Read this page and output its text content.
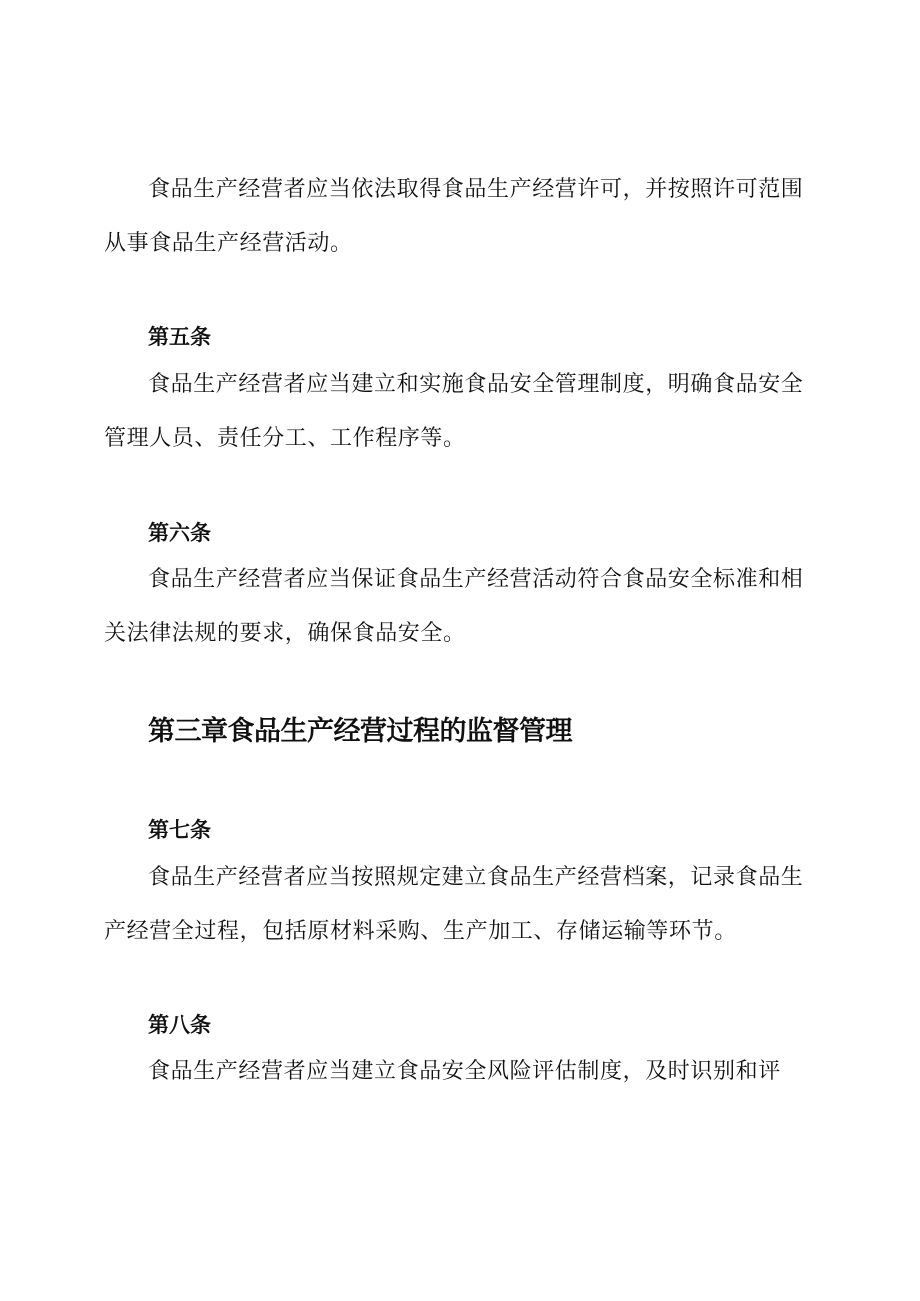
食品生产经营者应当依法取得食品生产经营许可，并按照许可范围从事食品生产经营活动。

第五条

食品生产经营者应当建立和实施食品安全管理制度，明确食品安全管理人员、责任分工、工作程序等。

第六条

食品生产经营者应当保证食品生产经营活动符合食品安全标准和相关法律法规的要求，确保食品安全。

第三章食品生产经营过程的监督管理
第七条

食品生产经营者应当按照规定建立食品生产经营档案，记录食品生产经营全过程，包括原材料采购、生产加工、存储运输等环节。

第八条

食品生产经营者应当建立食品安全风险评估制度，及时识别和评
